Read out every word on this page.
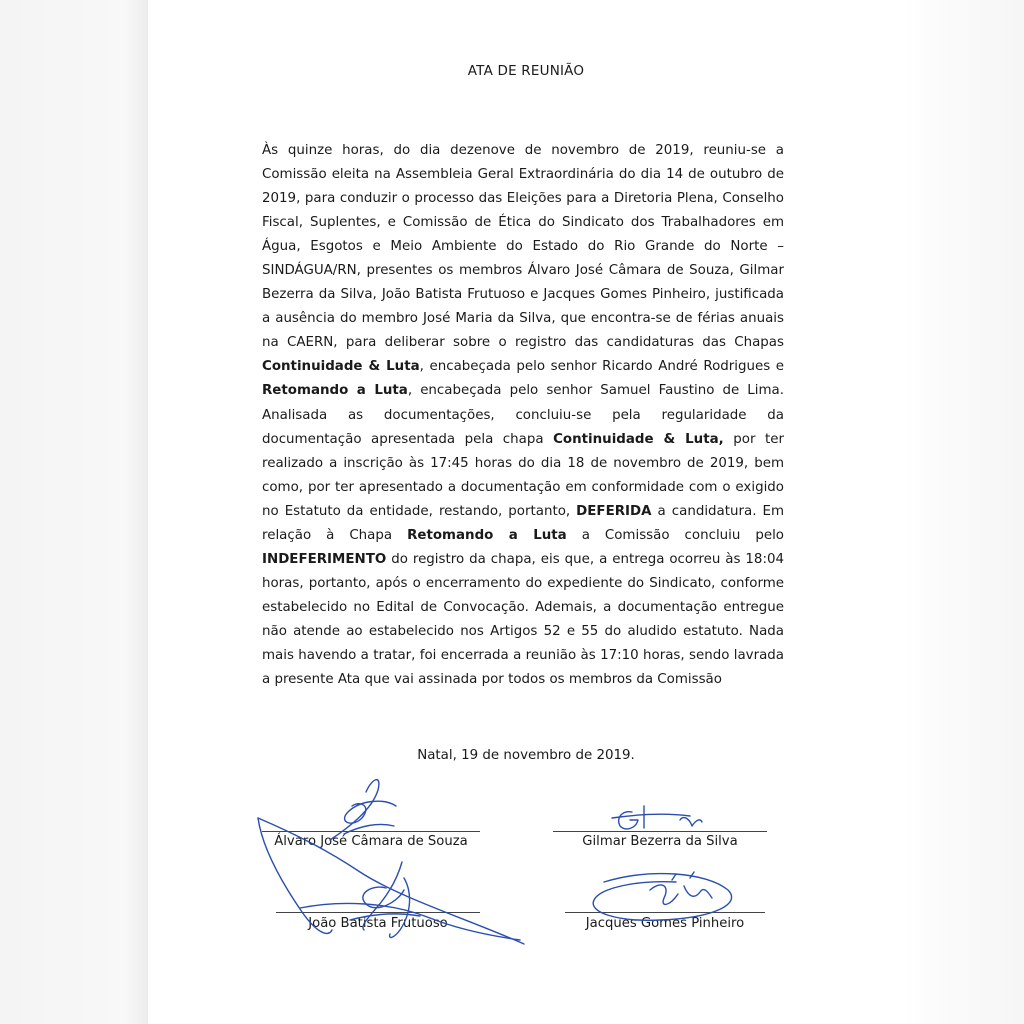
ATA DE REUNIÃO

Às quinze horas, do dia dezenove de novembro de 2019, reuniu-se a Comissão eleita na Assembleia Geral Extraordinária do dia 14 de outubro de 2019, para conduzir o processo das Eleições para a Diretoria Plena, Conselho Fiscal, Suplentes, e Comissão de Ética do Sindicato dos Trabalhadores em Água, Esgotos e Meio Ambiente do Estado do Rio Grande do Norte – SINDÁGUA/RN, presentes os membros Álvaro José Câmara de Souza, Gilmar Bezerra da Silva, João Batista Frutuoso e Jacques Gomes Pinheiro, justificada a ausência do membro José Maria da Silva, que encontra-se de férias anuais na CAERN, para deliberar sobre o registro das candidaturas das Chapas Continuidade & Luta, encabeçada pelo senhor Ricardo André Rodrigues e Retomando a Luta, encabeçada pelo senhor Samuel Faustino de Lima. Analisada as documentações, concluiu-se pela regularidade da documentação apresentada pela chapa Continuidade & Luta, por ter realizado a inscrição às 17:45 horas do dia 18 de novembro de 2019, bem como, por ter apresentado a documentação em conformidade com o exigido no Estatuto da entidade, restando, portanto, DEFERIDA a candidatura. Em relação à Chapa Retomando a Luta a Comissão concluiu pelo INDEFERIMENTO do registro da chapa, eis que, a entrega ocorreu às 18:04 horas, portanto, após o encerramento do expediente do Sindicato, conforme estabelecido no Edital de Convocação. Ademais, a documentação entregue não atende ao estabelecido nos Artigos 52 e 55 do aludido estatuto. Nada mais havendo a tratar, foi encerrada a reunião às 17:10 horas, sendo lavrada a presente Ata que vai assinada por todos os membros da Comissão

Natal, 19 de novembro de 2019.
Álvaro José Câmara de Souza	Gilmar Bezerra da Silva
João Batista Frutuoso	Jacques Gomes Pinheiro
